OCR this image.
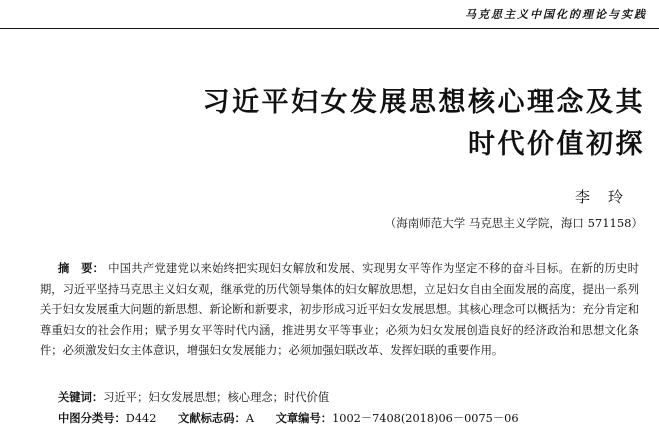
马克思主义中国化的理论与实践
习近平妇女发展思想核心理念及其
时代价值初探
李玲
（海南师范大学 马克思主义学院，海口 571158）
摘　要： 中国共产党建党以来始终把实现妇女解放和发展、实现男女平等作为坚定不移的奋斗目标。在新的历史时期，习近平坚持马克思主义妇女观，继承党的历代领导集体的妇女解放思想，立足妇女自由全面发展的高度，提出一系列关于妇女发展重大问题的新思想、新论断和新要求，初步形成习近平妇女发展思想。其核心理念可以概括为：充分肯定和尊重妇女的社会作用；赋予男女平等时代内涵，推进男女平等事业；必须为妇女发展创造良好的经济政治和思想文化条件；必须激发妇女主体意识，增强妇女发展能力；必须加强妇联改革、发挥妇联的重要作用。
关键词：习近平；妇女发展思想；核心理念；时代价值
中图分类号：D442 文献标志码：A 文章编号：1002－7408(2018)06－0075－06
